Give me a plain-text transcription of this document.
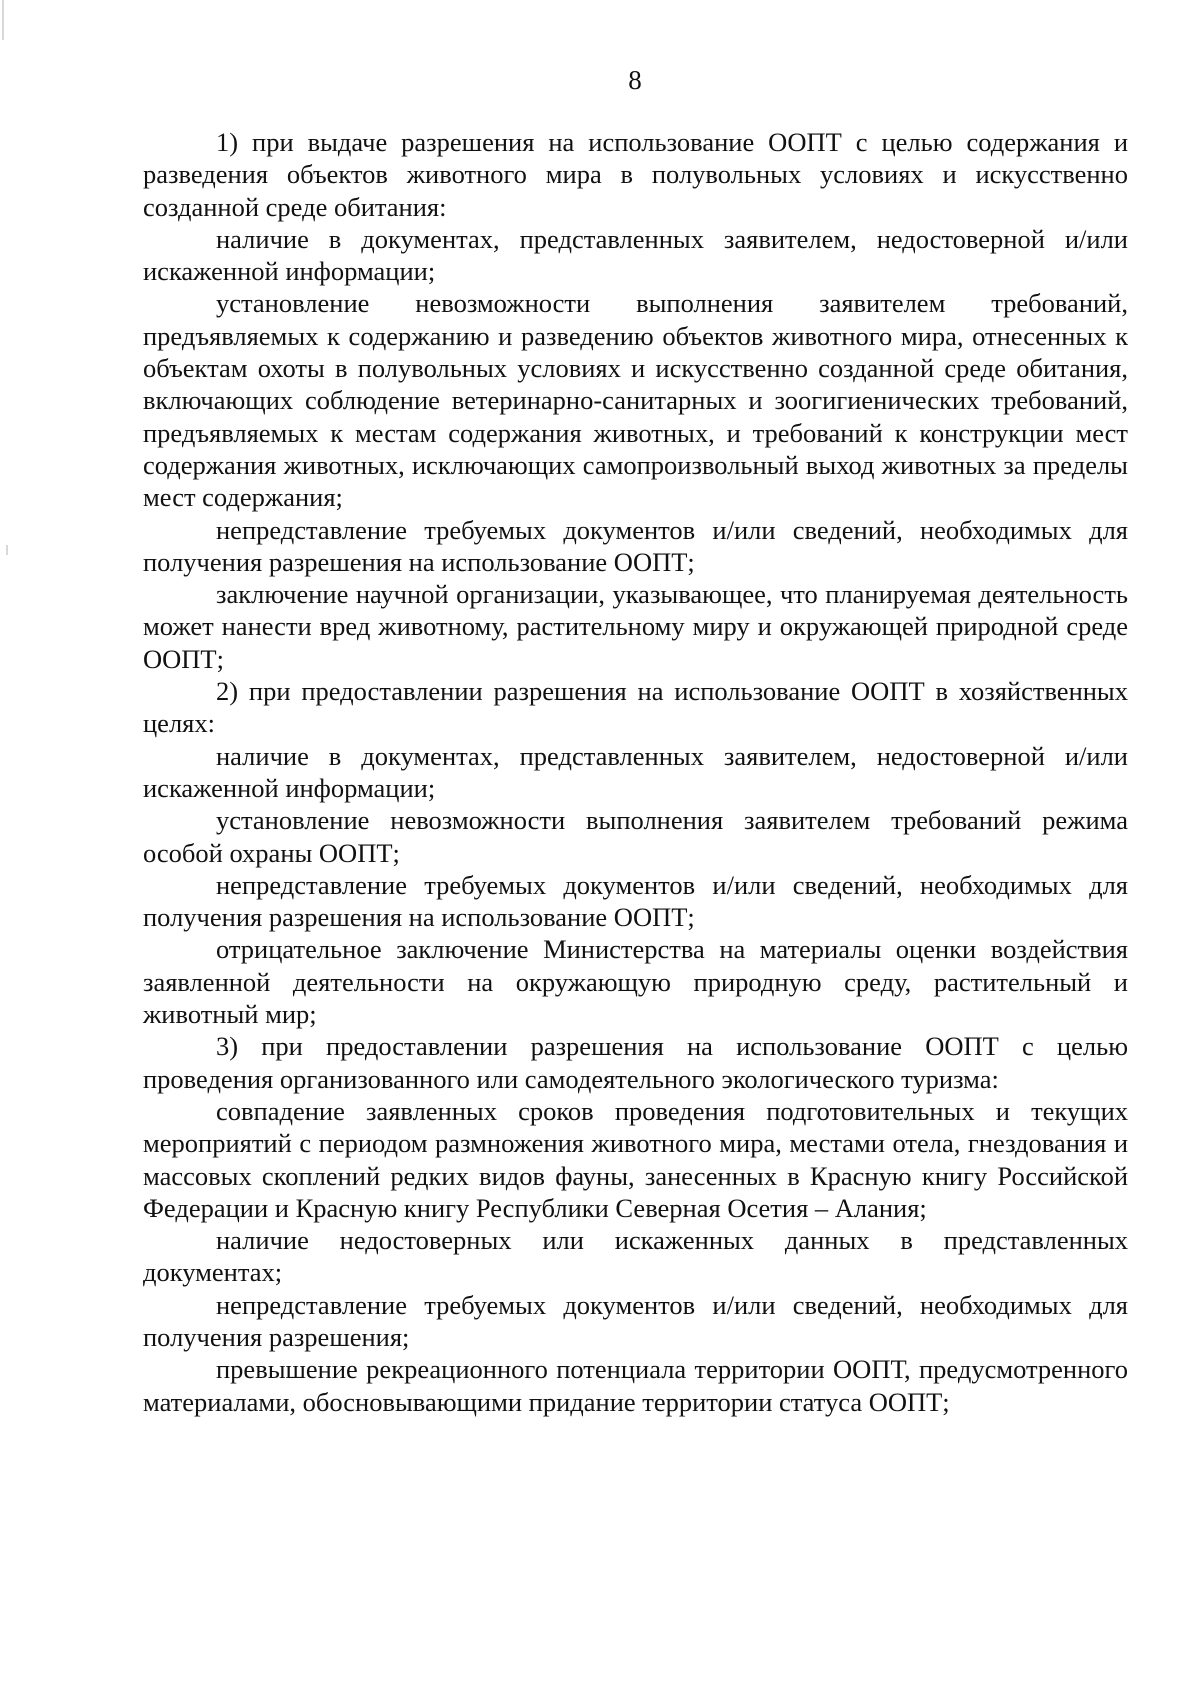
8

1) при выдаче разрешения на использование ООПТ с целью содержания и разведения объектов животного мира в полувольных условиях и искусственно созданной среде обитания:

наличие в документах, представленных заявителем, недостоверной и/или искаженной информации;

установление невозможности выполнения заявителем требований, предъявляемых к содержанию и разведению объектов животного мира, отнесенных к объектам охоты в полувольных условиях и искусственно созданной среде обитания, включающих соблюдение ветеринарно-санитарных и зоогигиенических требований, предъявляемых к местам содержания животных, и требований к конструкции мест содержания животных, исключающих самопроизвольный выход животных за пределы мест содержания;

непредставление требуемых документов и/или сведений, необходимых для получения разрешения на использование ООПТ;

заключение научной организации, указывающее, что планируемая деятельность может нанести вред животному, растительному миру и окружающей природной среде ООПТ;

2) при предоставлении разрешения на использование ООПТ в хозяйственных целях:

наличие в документах, представленных заявителем, недостоверной и/или искаженной информации;

установление невозможности выполнения заявителем требований режима особой охраны ООПТ;

непредставление требуемых документов и/или сведений, необходимых для получения разрешения на использование ООПТ;

отрицательное заключение Министерства на материалы оценки воздействия заявленной деятельности на окружающую природную среду, растительный и животный мир;

3) при предоставлении разрешения на использование ООПТ с целью проведения организованного или самодеятельного экологического туризма:

совпадение заявленных сроков проведения подготовительных и текущих мероприятий с периодом размножения животного мира, местами отела, гнездования и массовых скоплений редких видов фауны, занесенных в Красную книгу Российской Федерации и Красную книгу Республики Северная Осетия – Алания;

наличие недостоверных или искаженных данных в представленных документах;

непредставление требуемых документов и/или сведений, необходимых для получения разрешения;

превышение рекреационного потенциала территории ООПТ, предусмотренного материалами, обосновывающими придание территории статуса ООПТ;
